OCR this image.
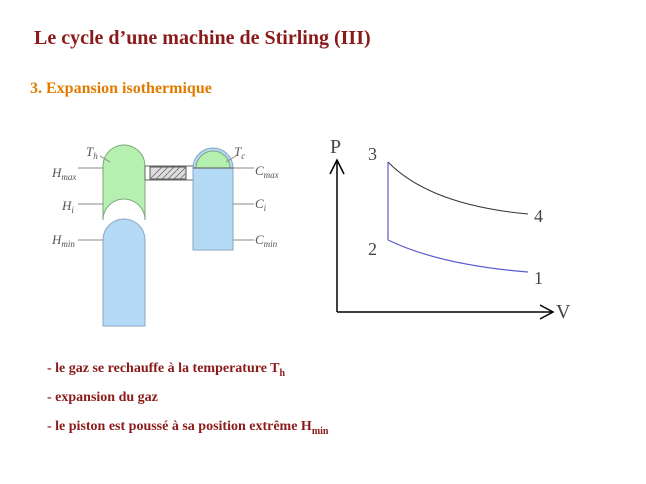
Le cycle d’une machine de Stirling (III)
3. Expansion isothermique
$T_h$	$T_c$
$H_{max}$
$H_i$
$H_{min}$
$C_{max}$
$C_i$
$C_{min}$
P
V
1
2
3
4
- le gaz se rechauffe à la temperature $T_h$
- expansion du gaz
- le piston est poussé à sa position extrême $H_{min}$
